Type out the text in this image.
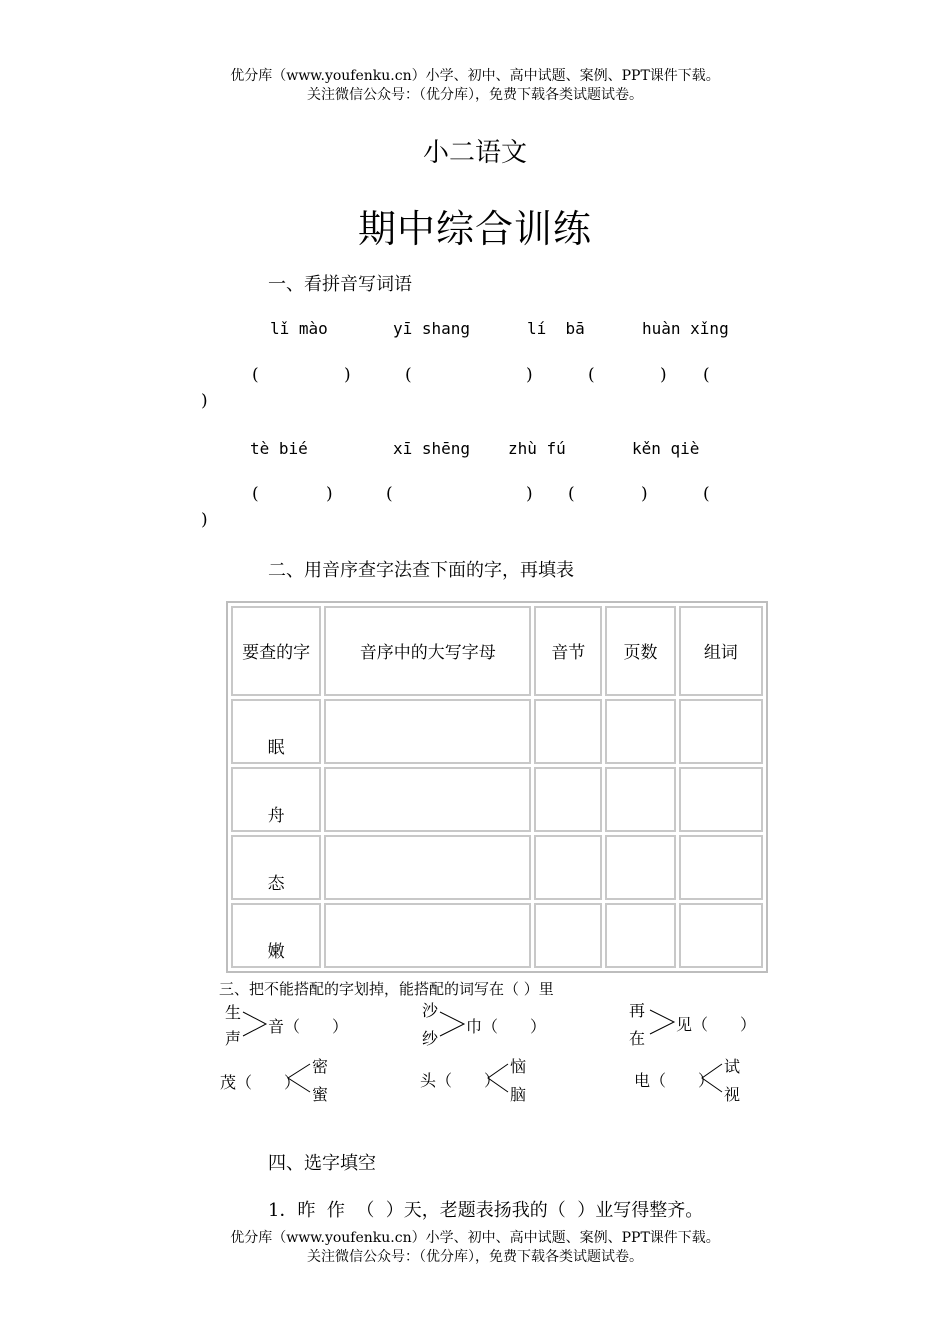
优分库（www.youfenku.cn）小学、初中、高中试题、案例、PPT课件下载。
关注微信公众号：（优分库），免费下载各类试题试卷。
小二语文
期中综合训练
一、看拼音写词语
lǐ mào	yī shang	lí  bā	huàn xǐng
(	)	(	)	(	) (
)
tè bié	xī shēng zhù fú	kěn qiè
(	)	(	) (	)	(
)
二、用音序查字法查下面的字，再填表
要查的字	音序中的大写字母	音节	页数	组词
眠				
舟				
态				
嫩				
三、把不能搭配的字划掉，能搭配的词写在（ ）里
生
声
音（　　）
沙
纱
巾（　　）
再
在
见（　　）
茂（　　）
密
蜜
头（　　）
恼
脑
电（　　）
试
视
四、选字填空
1．昨  作  （  ）天，老题表扬我的（  ）业写得整齐。
优分库（www.youfenku.cn）小学、初中、高中试题、案例、PPT课件下载。
关注微信公众号：（优分库），免费下载各类试题试卷。
